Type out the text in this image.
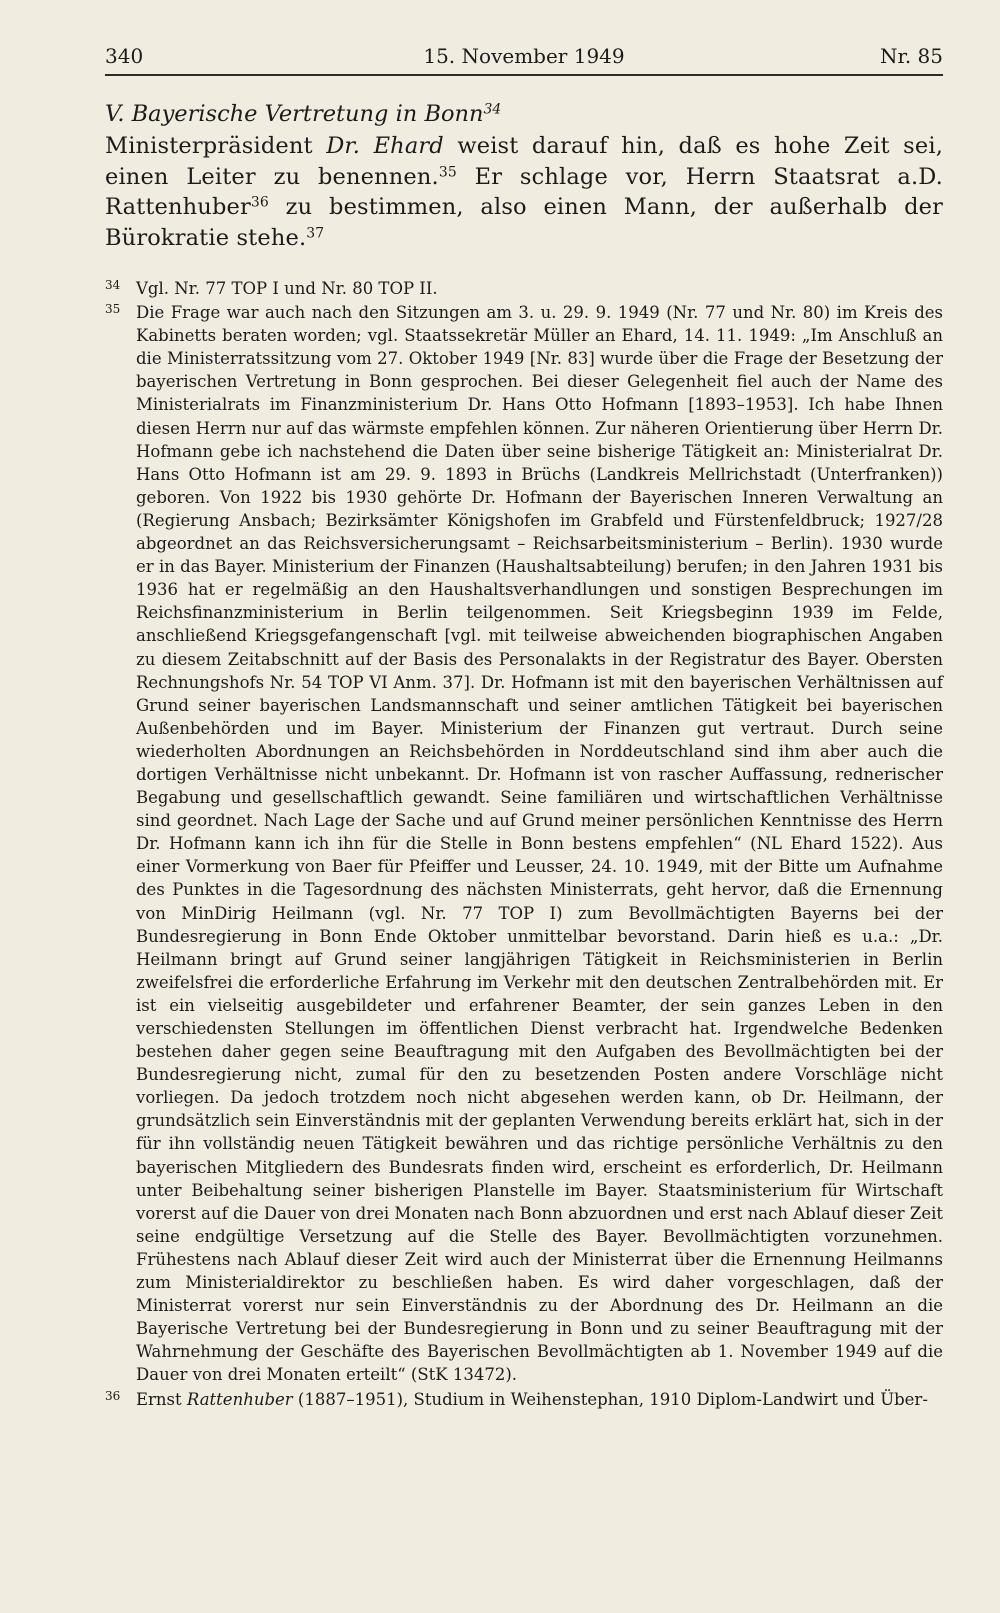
340	15. November 1949	Nr. 85
V. Bayerische Vertretung in Bonn$^{34}$

Ministerpräsident Dr. Ehard weist darauf hin, daß es hohe Zeit sei, einen Leiter zu benennen.$^{35}$ Er schlage vor, Herrn Staatsrat a.D. Rattenhuber$^{36}$ zu bestimmen, also einen Mann, der außerhalb der Bürokratie stehe.$^{37}$

34 Vgl. Nr. 77 TOP I und Nr. 80 TOP II.

35 Die Frage war auch nach den Sitzungen am 3. u. 29. 9. 1949 (Nr. 77 und Nr. 80) im Kreis des Kabinetts beraten worden; vgl. Staatssekretär Müller an Ehard, 14. 11. 1949: „Im Anschluß an die Ministerratssitzung vom 27. Oktober 1949 [Nr. 83] wurde über die Frage der Besetzung der bayerischen Vertretung in Bonn gesprochen. Bei dieser Gelegenheit fiel auch der Name des Ministerialrats im Finanzministerium Dr. Hans Otto Hofmann [1893–1953]. Ich habe Ihnen diesen Herrn nur auf das wärmste empfehlen können. Zur näheren Orientierung über Herrn Dr. Hofmann gebe ich nachstehend die Daten über seine bisherige Tätigkeit an: Ministerialrat Dr. Hans Otto Hofmann ist am 29. 9. 1893 in Brüchs (Landkreis Mellrichstadt (Unterfranken)) geboren. Von 1922 bis 1930 gehörte Dr. Hofmann der Bayerischen Inneren Verwaltung an (Regierung Ansbach; Bezirksämter Königshofen im Grabfeld und Fürstenfeldbruck; 1927/28 abgeordnet an das Reichsversicherungsamt – Reichsarbeitsministerium – Berlin). 1930 wurde er in das Bayer. Ministerium der Finanzen (Haushaltsabteilung) berufen; in den Jahren 1931 bis 1936 hat er regelmäßig an den Haushaltsverhandlungen und sonstigen Besprechungen im Reichsfinanzministerium in Berlin teilgenommen. Seit Kriegsbeginn 1939 im Felde, anschließend Kriegsgefangenschaft [vgl. mit teilweise abweichenden biographischen Angaben zu diesem Zeitabschnitt auf der Basis des Personalakts in der Registratur des Bayer. Obersten Rechnungshofs Nr. 54 TOP VI Anm. 37]. Dr. Hofmann ist mit den bayerischen Verhältnissen auf Grund seiner bayerischen Landsmannschaft und seiner amtlichen Tätigkeit bei bayerischen Außenbehörden und im Bayer. Ministerium der Finanzen gut vertraut. Durch seine wiederholten Abordnungen an Reichsbehörden in Norddeutschland sind ihm aber auch die dortigen Verhältnisse nicht unbekannt. Dr. Hofmann ist von rascher Auffassung, rednerischer Begabung und gesellschaftlich gewandt. Seine familiären und wirtschaftlichen Verhältnisse sind geordnet. Nach Lage der Sache und auf Grund meiner persönlichen Kenntnisse des Herrn Dr. Hofmann kann ich ihn für die Stelle in Bonn bestens empfehlen“ (NL Ehard 1522). Aus einer Vormerkung von Baer für Pfeiffer und Leusser, 24. 10. 1949, mit der Bitte um Aufnahme des Punktes in die Tagesordnung des nächsten Ministerrats, geht hervor, daß die Ernennung von MinDirig Heilmann (vgl. Nr. 77 TOP I) zum Bevollmächtigten Bayerns bei der Bundesregierung in Bonn Ende Oktober unmittelbar bevorstand. Darin hieß es u.a.: „Dr. Heilmann bringt auf Grund seiner langjährigen Tätigkeit in Reichsministerien in Berlin zweifelsfrei die erforderliche Erfahrung im Verkehr mit den deutschen Zentralbehörden mit. Er ist ein vielseitig ausgebildeter und erfahrener Beamter, der sein ganzes Leben in den verschiedensten Stellungen im öffentlichen Dienst verbracht hat. Irgendwelche Bedenken bestehen daher gegen seine Beauftragung mit den Aufgaben des Bevollmächtigten bei der Bundesregierung nicht, zumal für den zu besetzenden Posten andere Vorschläge nicht vorliegen. Da jedoch trotzdem noch nicht abgesehen werden kann, ob Dr. Heilmann, der grundsätzlich sein Einverständnis mit der geplanten Verwendung bereits erklärt hat, sich in der für ihn vollständig neuen Tätigkeit bewähren und das richtige persönliche Verhältnis zu den bayerischen Mitgliedern des Bundesrats finden wird, erscheint es erforderlich, Dr. Heilmann unter Beibehaltung seiner bisherigen Planstelle im Bayer. Staatsministerium für Wirtschaft vorerst auf die Dauer von drei Monaten nach Bonn abzuordnen und erst nach Ablauf dieser Zeit seine endgültige Versetzung auf die Stelle des Bayer. Bevollmächtigten vorzunehmen. Frühestens nach Ablauf dieser Zeit wird auch der Ministerrat über die Ernennung Heilmanns zum Ministerialdirektor zu beschließen haben. Es wird daher vorgeschlagen, daß der Ministerrat vorerst nur sein Einverständnis zu der Abordnung des Dr. Heilmann an die Bayerische Vertretung bei der Bundesregierung in Bonn und zu seiner Beauftragung mit der Wahrnehmung der Geschäfte des Bayerischen Bevollmächtigten ab 1. November 1949 auf die Dauer von drei Monaten erteilt“ (StK 13472).

36 Ernst Rattenhuber (1887–1951), Studium in Weihenstephan, 1910 Diplom-Landwirt und Über-
